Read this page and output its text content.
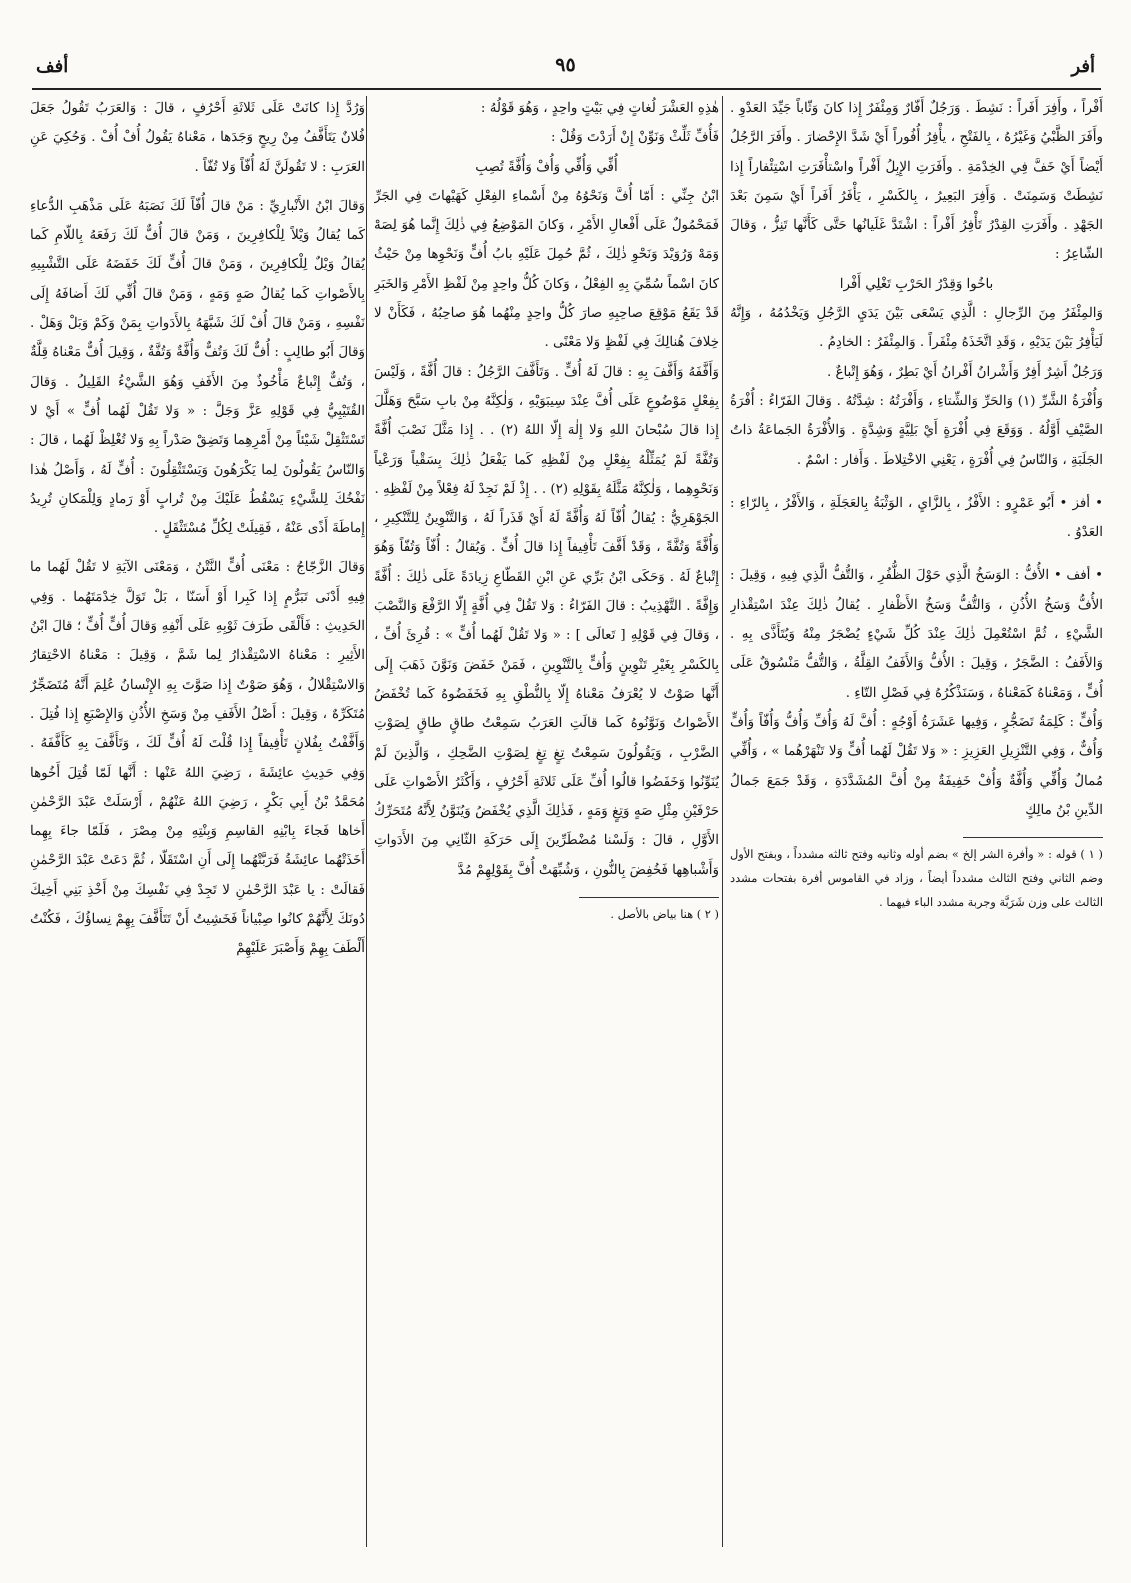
أفر
٩٥
أفف

أَفْراً ، وأَفِرَ أَفَراً : نَشِطَ . وَرَجُلٌ أَفّارٌ وَمِئْفَرٌ إِذا كانَ وَثّاباً جَيِّدَ العَدْوِ . وأَفَرَ الظَّبْيُ وَغَيْرُهُ ، بِالفَتْحِ ، يأْفِرُ أُفُوراً أَيْ شَدَّ الإِحْضارَ . وأَفَرَ الرَّجُلُ أَيْضاً أَيْ خَفَّ فِي الخِدْمَةِ . وأَفَرَتِ الإِبِلُ أَفْراً واسْتأْفَرَتِ اسْتِئْفاراً إِذا نَشِطَتْ وَسَمِنَتْ . وَأَفِرَ البَعِيرُ ، بِالكَسْرِ ، يَأْفَرُ أَفَراً أَيْ سَمِنَ بَعْدَ الجَهْدِ . وأَفَرَتِ القِدْرُ تَأْفِرُ أَفْراً : اشْتَدَّ غَلَيانُها حَتَّى كَأَنَّها تَنِزُّ ، وَقالَ الشّاعِرُ :

باخُوا وَقِدْرُ الحَرْبِ تَغْلِي أَفْرا

وَالمِئْفَرُ مِنَ الرِّجالِ : الَّذِي يَسْعَى بَيْنَ يَدَيِ الرَّجُلِ وَيَخْدُمُهُ ، وَإِنَّهُ لَيَأْفِرُ بَيْنَ يَدَيْهِ ، وَقَدِ اتَّخَذَهُ مِئْفَراً . وَالمِئْفَرُ : الخادِمُ .

وَرَجُلٌ أَشِرٌ أَفِرٌ وَأَشْرانُ أَفْرانُ أَيْ بَطِرٌ ، وَهُوَ إِتْباعٌ .

وَأُفْرَةُ الشَّرِّ (١) وَالحَرِّ وَالشِّتاءِ ، وَأَفْرَتُهُ : شِدَّتُهُ . وَقالَ الفَرّاءُ : أُفْرَةُ الصَّيْفِ أَوَّلُهُ . وَوَقَعَ فِي أُفْرَةٍ أَيْ بَلِيَّةٍ وَشِدَّةٍ . وَالأُفْرَةُ الجَماعَةُ ذاتُ الجَلَبَةِ ، وَالنّاسُ فِي أُفْرَةٍ ، يَعْنِي الاخْتِلاطَ . وَأَفار : اسْمٌ .

• أفز • أَبُو عَمْرٍو : الأَفْزُ ، بِالزَّايِ ، الوَثْبَةُ بِالعَجَلَةِ ، وَالأَفْرُ ، بِالرّاءِ : العَدْوُ .

• أفف • الأُفُّ : الوَسَخُ الَّذِي حَوْلَ الظُّفُرِ ، وَالتُّفُّ الَّذِي فِيهِ ، وَقِيلَ : الأُفُّ وَسَخُ الأُذُنِ ، وَالتُّفُّ وَسَخُ الأَظْفارِ . يُقالُ ذٰلِكَ عِنْدَ اسْتِقْذارِ الشَّيْءِ ، ثُمَّ اسْتُعْمِلَ ذٰلِكَ عِنْدَ كُلِّ شَيْءٍ يُضْجَرُ مِنْهُ وَيُتَأَذَّى بِهِ . وَالأَفَفُ : الضَّجَرُ ، وَقِيلَ : الأُفُّ وَالأَفَفُ القِلَّةُ ، وَالتُّفُّ مَنْسُوقٌ عَلَى أُفٍّ ، وَمَعْناهُ كَمَعْناهُ ، وَسَنَذْكُرُهُ فِي فَصْلِ التّاءِ .

وَأُفٍّ : كَلِمَةُ تَضَجُّرٍ ، وَفِيها عَشَرَةُ أَوْجُهٍ : أُفَّ لَهُ وَأُفِّ وَأُفُّ وَأُفّاً وَأُفٍّ وَأُفٌّ ، وَفِي التَّنْزِيلِ العَزِيزِ : « وَلا تَقُلْ لَهُما أُفٍّ وَلا تَنْهَرْهُما » ، وَأُفِّي مُمالٌ وَأُفِّي وَأُفَّةٌ وَأُفْ خَفِيفَةٌ مِنْ أُفَّ المُشَدَّدَةِ ، وَقَدْ جَمَعَ جَمالُ الدِّينِ بْنُ مالِكٍ

( ١ ) قوله : « وأفرة الشر إلخ » بضم أوله وثانيه وفتح ثالثه مشدداً ، وبفتح الأول وضم الثاني وفتح الثالث مشدداً أيضاً ، وزاد في القاموس أفرة بفتحات مشدد الثالث على وزن شَرَبَّة وجربة مشدد الباء فيهما .

هٰذِهِ العَشْرَ لُغاتٍ فِي بَيْتٍ واحِدٍ ، وَهُوَ قَوْلُهُ :

فَأُفِّ ثَلِّثْ وَنَوِّنْ إِنْ أَرَدْتَ وَقُلْ :

أُفِّي وَأُفِّي وَأُفْ وَأُفَّةً تُصِبِ

ابْنُ جِنِّي : أَمّا أُفَّ وَنَحْوُهُ مِنْ أَسْماءِ الفِعْلِ كَهَيْهاتَ فِي الجَرِّ فَمَحْمُولٌ عَلَى أَفْعالِ الأَمْرِ ، وَكانَ المَوْضِعُ فِي ذٰلِكَ إِنَّما هُوَ لِصَهْ وَمَهْ وَرُوَيْدَ وَنَحْوِ ذٰلِكَ ، ثُمَّ حُمِلَ عَلَيْهِ بابُ أُفٍّ وَنَحْوِها مِنْ حَيْثُ كانَ اسْماً سُمِّيَ بِهِ الفِعْلُ ، وَكانَ كُلُّ واحِدٍ مِنْ لَفْظِ الأَمْرِ وَالخَبَرِ قَدْ يَقَعُ مَوْقِعَ صاحِبِهِ صارَ كُلُّ واحِدٍ مِنْهُما هُوَ صاحِبُهُ ، فَكَأَنْ لا خِلافَ هُنالِكَ فِي لَفْظٍ وَلا مَعْنًى .

وَأَفَّفَهُ وَأَفَّفَ بِهِ : قالَ لَهُ أُفٍّ . وَتَأَفَّفَ الرَّجُلُ : قالَ أُفَّةً ، وَلَيْسَ بِفِعْلٍ مَوْضُوعٍ عَلَى أُفَّ عِنْدَ سِيبَوَيْهِ ، وَلٰكِنَّهُ مِنْ بابِ سَبَّحَ وَهَلَّلَ إِذا قالَ سُبْحانَ اللهِ وَلا إِلٰهَ إِلّا اللهُ (٢) . . إِذا مَثَّلَ نَصْبَ أُفَّةً وَتُفَّةً لَمْ يُمَثِّلْهُ بِفِعْلٍ مِنْ لَفْظِهِ كَما يَفْعَلُ ذٰلِكَ بِسَقْياً وَرَعْياً وَنَحْوِهِما ، وَلٰكِنَّهُ مَثَّلَهُ بِقَوْلِهِ (٢) . . إِذْ لَمْ نَجِدْ لَهُ فِعْلاً مِنْ لَفْظِهِ .

الجَوْهَرِيُّ : يُقالُ أُفّاً لَهُ وَأُفَّةً لَهُ أَيْ قَذَراً لَهُ ، وَالتَّنْوِينُ لِلتَّنْكِيرِ ، وَأُفَّةً وَتُفَّةً ، وَقَدْ أَفَّفَ تَأْفِيفاً إِذا قالَ أُفٍّ . وَيُقالُ : أُفّاً وَتُفّاً وَهُوَ إِتْباعٌ لَهُ . وَحَكَى ابْنُ بَرِّي عَنِ ابْنِ القَطّاعِ زِيادَةً عَلَى ذٰلِكَ : أُفَّةً وَإِفَّةً . التَّهْذِيبُ : قالَ الفَرّاءُ : وَلا تَقُلْ فِي أُفَّةٍ إِلّا الرَّفْعَ وَالنَّصْبَ ، وَقالَ فِي قَوْلِهِ [ تَعالَى ] : « وَلا تَقُلْ لَهُما أُفٍّ » : قُرِئَ أُفِّ ، بِالكَسْرِ بِغَيْرِ تَنْوِينٍ وَأُفٍّ بِالتَّنْوِينِ ، فَمَنْ خَفَضَ وَنَوَّنَ ذَهَبَ إِلَى أَنَّها صَوْتٌ لا يُعْرَفُ مَعْناهُ إِلّا بِالنُّطْقِ بِهِ فَخَفَضُوهُ كَما تُخْفَضُ الأَصْواتُ وَنَوَّنُوهُ كَما قالَتِ العَرَبُ سَمِعْتُ طاقٍ طاقٍ لِصَوْتِ الضَّرْبِ ، وَيَقُولُونَ سَمِعْتُ تِغٍ تِغٍ لِصَوْتِ الضَّحِكِ ، وَالَّذِينَ لَمْ يُنَوِّنُوا وَخَفَضُوا قالُوا أُفِّ عَلَى ثَلاثَةِ أَحْرُفٍ ، وَأَكْثَرُ الأَصْواتِ عَلَى حَرْفَيْنِ مِثْلِ صَهٍ وَتِغٍ وَمَهٍ ، فَذٰلِكَ الَّذِي يُخْفَضُ وَيُنَوَّنُ لِأَنَّهُ مُتَحَرِّكُ الأَوَّلِ ، قالَ : وَلَسْنا مُضْطَرِّينَ إِلَى حَرَكَةِ الثّانِي مِنَ الأَدَواتِ وَأَشْباهِها فَخُفِضَ بِالنُّونِ ، وَشُبِّهَتْ أُفَّ بِقَوْلِهِمْ مُدَّ

( ٢ ) هنا بياض بالأصل .

وَرُدَّ إِذا كانَتْ عَلَى ثَلاثَةِ أَحْرُفٍ ، قالَ : وَالعَرَبُ تَقُولُ جَعَلَ فُلانٌ يَتَأَفَّفُ مِنْ رِيحٍ وَجَدَها ، مَعْناهُ يَقُولُ أُفْ أُفْ . وَحُكِيَ عَنِ العَرَبِ : لا تَقُولَنَّ لَهُ أُفّاً وَلا تُفّاً .

وَقالَ ابْنُ الأَنْبارِيِّ : مَنْ قالَ أُفّاً لَكَ نَصَبَهُ عَلَى مَذْهَبِ الدُّعاءِ كَما يُقالُ وَيْلاً لِلْكافِرِينَ ، وَمَنْ قالَ أُفٌّ لَكَ رَفَعَهُ بِاللّامِ كَما يُقالُ وَيْلٌ لِلْكافِرِينَ ، وَمَنْ قالَ أُفٍّ لَكَ خَفَضَهُ عَلَى التَّشْبِيهِ بِالأَصْواتِ كَما يُقالُ صَهٍ وَمَهٍ ، وَمَنْ قالَ أُفِّي لَكَ أَضافَهُ إِلَى نَفْسِهِ ، وَمَنْ قالَ أُفْ لَكَ شَبَّهَهُ بِالأَدَواتِ بِمَنْ وَكَمْ وَبَلْ وَهَلْ . وَقالَ أَبُو طالِبٍ : أُفٌّ لَكَ وَتُفٌّ وَأُفَّةٌ وَتُفَّةٌ ، وَقِيلَ أُفٌّ مَعْناهُ قِلَّةٌ ، وَتُفٌّ إِتْباعٌ مَأْخُوذٌ مِنَ الأَفَفِ وَهُوَ الشَّيْءُ القَلِيلُ . وَقالَ القُتَيْبِيُّ فِي قَوْلِهِ عَزَّ وَجَلَّ : « وَلا تَقُلْ لَهُما أُفٍّ » أَيْ لا تَسْتَثْقِلْ شَيْئاً مِنْ أَمْرِهِما وَتَضِقْ صَدْراً بِهِ وَلا تُغْلِظْ لَهُما ، قالَ : وَالنّاسُ يَقُولُونَ لِما يَكْرَهُونَ وَيَسْتَثْقِلُونَ : أُفٍّ لَهُ ، وَأَصْلُ هٰذا نَفْخُكَ لِلشَّيْءِ يَسْقُطُ عَلَيْكَ مِنْ تُرابٍ أَوْ رَمادٍ وَلِلْمَكانِ تُرِيدُ إِماطَةَ أَذًى عَنْهُ ، فَقِيلَتْ لِكُلِّ مُسْتَثْقَلٍ .

وَقالَ الزَّجّاجُ : مَعْنَى أُفٍّ النَّتْنُ ، وَمَعْنَى الآيَةِ لا تَقُلْ لَهُما ما فِيهِ أَدْنَى تَبَرُّمٍ إِذا كَبِرا أَوْ أَسَنّا ، بَلْ تَوَلَّ خِدْمَتَهُما . وَفِي الحَدِيثِ : فَأَلْقَى طَرَفَ ثَوْبِهِ عَلَى أَنْفِهِ وَقالَ أُفٍّ أُفٍّ ؛ قالَ ابْنُ الأَثِيرِ : مَعْناهُ الاسْتِقْذارُ لِما شَمَّ ، وَقِيلَ : مَعْناهُ الاحْتِقارُ وَالاسْتِقْلالُ ، وَهُوَ صَوْتٌ إِذا صَوَّتَ بِهِ الإِنْسانُ عُلِمَ أَنَّهُ مُتَضَجِّرٌ مُتَكَرِّهٌ ، وَقِيلَ : أَصْلُ الأَفَفِ مِنْ وَسَخِ الأُذُنِ وَالإِصْبَعِ إِذا فُتِلَ . وَأَفَّفْتُ بِفُلانٍ تَأْفِيفاً إِذا قُلْتَ لَهُ أُفٍّ لَكَ ، وَتَأَفَّفَ بِهِ كَأَفَّفَهُ . وَفِي حَدِيثِ عائِشَةَ ، رَضِيَ اللهُ عَنْها : أَنَّها لَمّا قُتِلَ أَخُوها مُحَمَّدُ بْنُ أَبِي بَكْرٍ ، رَضِيَ اللهُ عَنْهُمْ ، أَرْسَلَتْ عَبْدَ الرَّحْمٰنِ أَخاها فَجاءَ بِابْنِهِ القاسِمِ وَبِنْتِهِ مِنْ مِصْرَ ، فَلَمّا جاءَ بِهِما أَخَذَتْهُما عائِشَةُ فَرَبَّتْهُما إِلَى أَنِ اسْتَقَلّا ، ثُمَّ دَعَتْ عَبْدَ الرَّحْمٰنِ فَقالَتْ : يا عَبْدَ الرَّحْمٰنِ لا تَجِدْ فِي نَفْسِكَ مِنْ أَخْذِ بَنِي أَخِيكَ دُونَكَ لِأَنَّهُمْ كانُوا صِبْياناً فَخَشِيتُ أَنْ تَتَأَفَّفَ بِهِمْ نِساؤُكَ ، فَكُنْتُ أَلْطَفَ بِهِمْ وَأَصْبَرَ عَلَيْهِمْ
